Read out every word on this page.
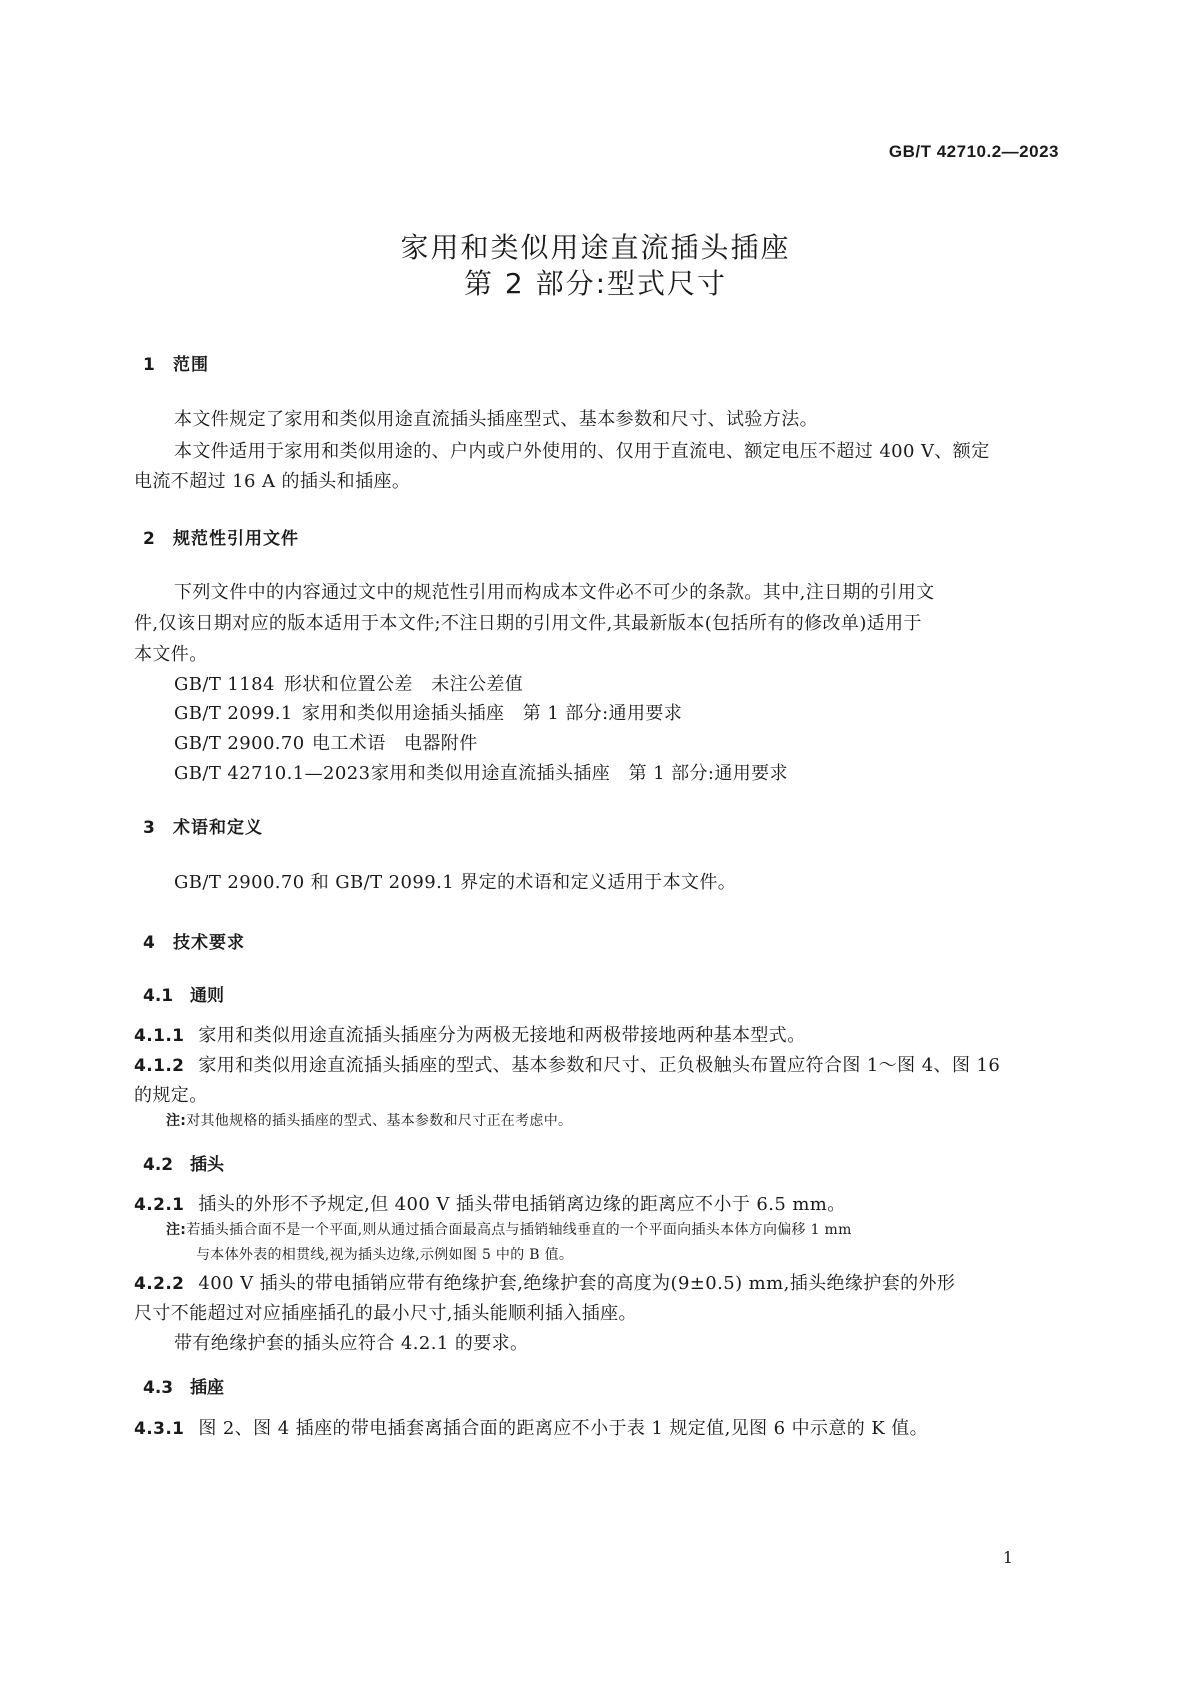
GB/T 42710.2—2023
家用和类似用途直流插头插座
第 2 部分:型式尺寸
1 范围
本文件规定了家用和类似用途直流插头插座型式、基本参数和尺寸、试验方法。
本文件适用于家用和类似用途的、户内或户外使用的、仅用于直流电、额定电压不超过 400 V、额定
电流不超过 16 A 的插头和插座。
2 规范性引用文件
下列文件中的内容通过文中的规范性引用而构成本文件必不可少的条款。其中,注日期的引用文
件,仅该日期对应的版本适用于本文件;不注日期的引用文件,其最新版本(包括所有的修改单)适用于
本文件。
GB/T 1184 形状和位置公差　未注公差值
GB/T 2099.1 家用和类似用途插头插座　第 1 部分:通用要求
GB/T 2900.70 电工术语　电器附件
GB/T 42710.1—2023家用和类似用途直流插头插座　第 1 部分:通用要求
3 术语和定义
GB/T 2900.70 和 GB/T 2099.1 界定的术语和定义适用于本文件。
4 技术要求
4.1 通则
4.1.1 家用和类似用途直流插头插座分为两极无接地和两极带接地两种基本型式。
4.1.2 家用和类似用途直流插头插座的型式、基本参数和尺寸、正负极触头布置应符合图 1～图 4、图 16
的规定。
注:对其他规格的插头插座的型式、基本参数和尺寸正在考虑中。
4.2 插头
4.2.1 插头的外形不予规定,但 400 V 插头带电插销离边缘的距离应不小于 6.5 mm。
注:若插头插合面不是一个平面,则从通过插合面最高点与插销轴线垂直的一个平面向插头本体方向偏移 1 mm
与本体外表的相贯线,视为插头边缘,示例如图 5 中的 B 值。
4.2.2 400 V 插头的带电插销应带有绝缘护套,绝缘护套的高度为(9±0.5) mm,插头绝缘护套的外形
尺寸不能超过对应插座插孔的最小尺寸,插头能顺利插入插座。
带有绝缘护套的插头应符合 4.2.1 的要求。
4.3 插座
4.3.1 图 2、图 4 插座的带电插套离插合面的距离应不小于表 1 规定值,见图 6 中示意的 K 值。
1
